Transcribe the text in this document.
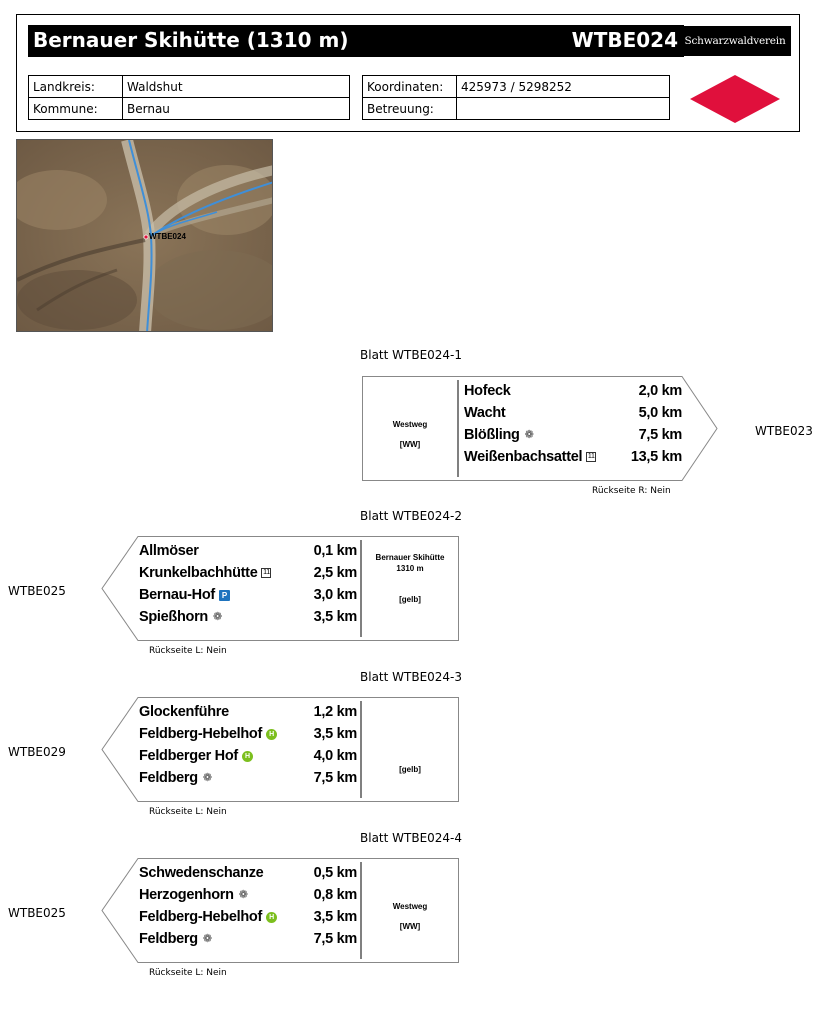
Bernauer Skihütte (1310 m)	WTBE024 Schwarzwaldverein
Landkreis:	Waldshut
Kommune:	Bernau
Koordinaten:	425973 / 5298252
Betreuung:	
WTBE024
Blatt WTBE024-1
Westweg
[WW]
Hofeck	2,0 km
Wacht	5,0 km
Blößling ❁	7,5 km
Weißenbachsattel 11	13,5 km
WTBE023
Rückseite R: Nein
Blatt WTBE024-2
Bernauer Skihütte
1310 m
[gelb]
Allmöser	0,1 km
Krunkelbachhütte 11	2,5 km
Bernau-Hof P	3,0 km
Spießhorn ❁	3,5 km
WTBE025
Rückseite L: Nein
Blatt WTBE024-3
[gelb]
Glockenführe	1,2 km
Feldberg-Hebelhof H	3,5 km
Feldberger Hof H	4,0 km
Feldberg ❁	7,5 km
WTBE029
Rückseite L: Nein
Blatt WTBE024-4
Westweg
[WW]
Schwedenschanze	0,5 km
Herzogenhorn ❁	0,8 km
Feldberg-Hebelhof H	3,5 km
Feldberg ❁	7,5 km
WTBE025
Rückseite L: Nein
